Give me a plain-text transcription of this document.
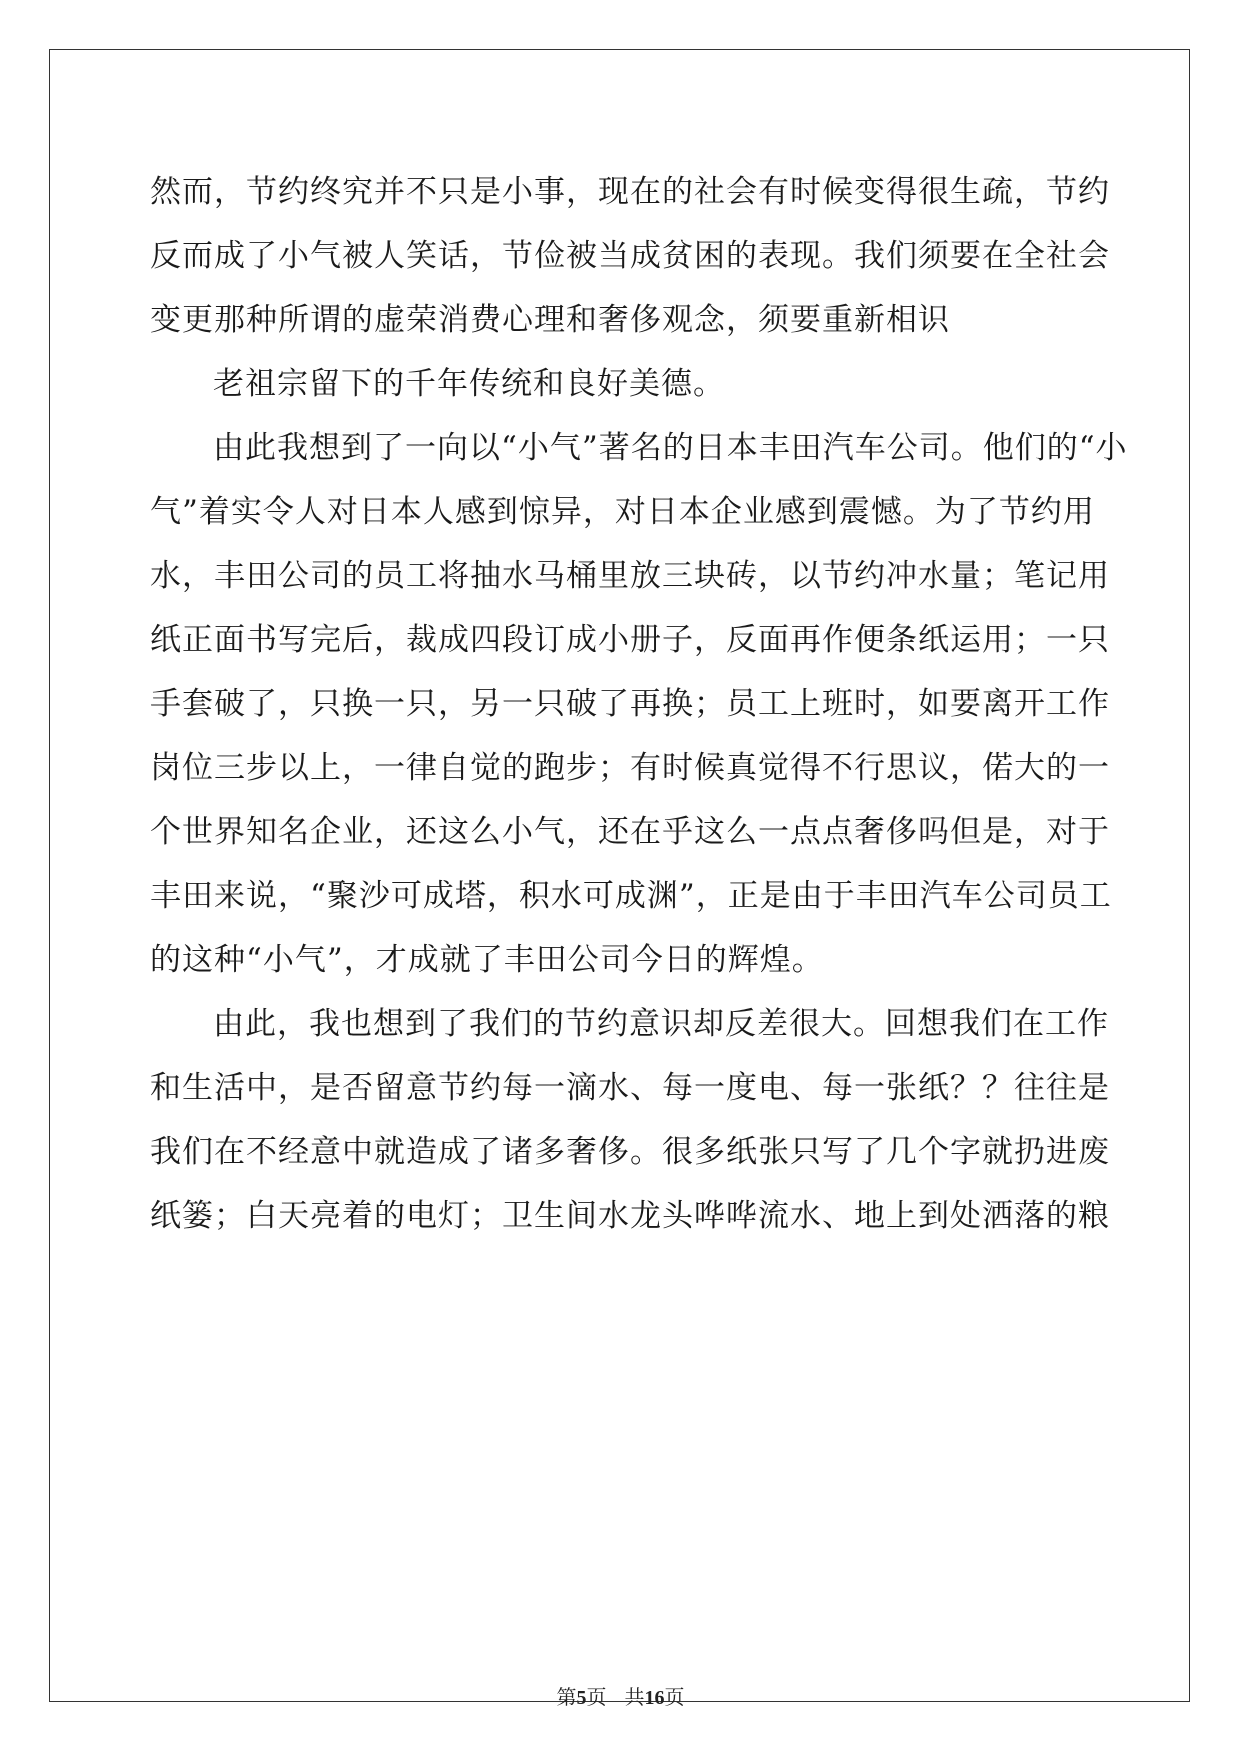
然而，节约终究并不只是小事，现在的社会有时候变得很生疏，节约
反而成了小气被人笑话，节俭被当成贫困的表现。我们须要在全社会
变更那种所谓的虚荣消费心理和奢侈观念，须要重新相识
老祖宗留下的千年传统和良好美德。
由此我想到了一向以“小气”著名的日本丰田汽车公司。他们的“小
气”着实令人对日本人感到惊异，对日本企业感到震憾。为了节约用
水，丰田公司的员工将抽水马桶里放三块砖，以节约冲水量；笔记用
纸正面书写完后，裁成四段订成小册子，反面再作便条纸运用；一只
手套破了，只换一只，另一只破了再换；员工上班时，如要离开工作
岗位三步以上，一律自觉的跑步；有时候真觉得不行思议，偌大的一
个世界知名企业，还这么小气，还在乎这么一点点奢侈吗但是，对于
丰田来说，“聚沙可成塔，积水可成渊”，正是由于丰田汽车公司员工
的这种“小气”，才成就了丰田公司今日的辉煌。
由此，我也想到了我们的节约意识却反差很大。回想我们在工作
和生活中，是否留意节约每一滴水、每一度电、每一张纸？？往往是
我们在不经意中就造成了诸多奢侈。很多纸张只写了几个字就扔进废
纸篓；白天亮着的电灯；卫生间水龙头哗哗流水、地上到处洒落的粮
第5页 共16页
